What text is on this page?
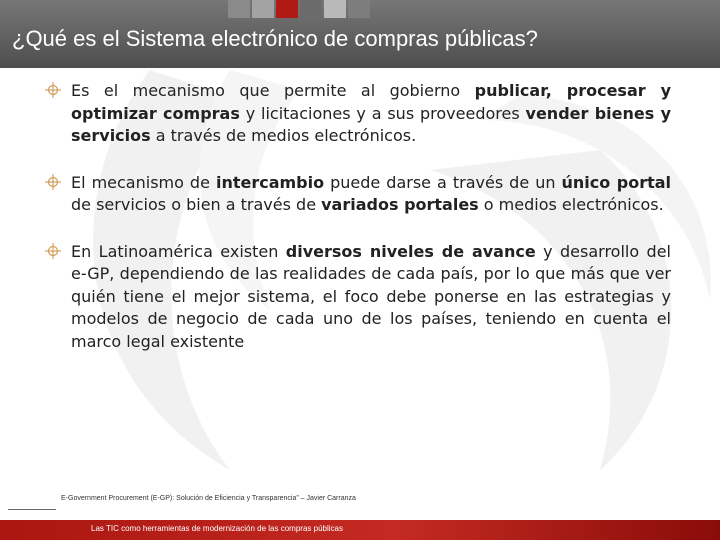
¿Qué es el Sistema electrónico de compras públicas?
Es el mecanismo que permite al gobierno publicar, procesar y optimizar compras y licitaciones y a sus proveedores vender bienes y servicios a través de medios electrónicos.
El mecanismo de intercambio puede darse a través de un único portal de servicios o bien a través de variados portales o medios electrónicos.
En Latinoamérica existen diversos niveles de avance y desarrollo del e-GP, dependiendo de las realidades de cada país, por lo que más que ver quién tiene el mejor sistema, el foco debe ponerse en las estrategias y modelos de negocio de cada uno de los países, teniendo en cuenta el marco legal existente
E-Government Procurement (E-GP): Solución de Eficiencia y Transparencia” – Javier Carranza
Las TIC como herramientas de modernización de las compras públicas
